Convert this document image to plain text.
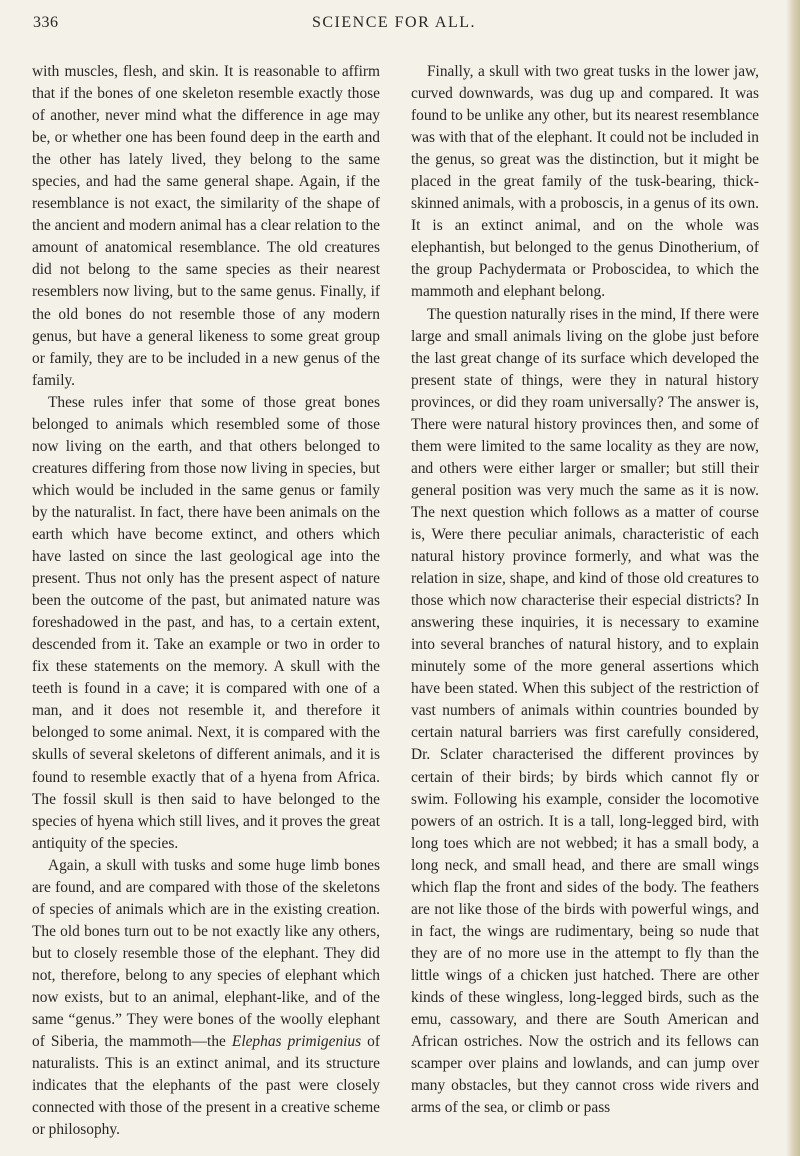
336	SCIENCE FOR ALL.

with muscles, flesh, and skin. It is reasonable to affirm that if the bones of one skeleton resemble exactly those of another, never mind what the difference in age may be, or whether one has been found deep in the earth and the other has lately lived, they belong to the same species, and had the same general shape. Again, if the resemblance is not exact, the similarity of the shape of the ancient and modern animal has a clear relation to the amount of anatomical resemblance. The old creatures did not belong to the same species as their nearest resemblers now living, but to the same genus. Finally, if the old bones do not resemble those of any modern genus, but have a general likeness to some great group or family, they are to be included in a new genus of the family.

These rules infer that some of those great bones belonged to animals which resembled some of those now living on the earth, and that others belonged to creatures differing from those now living in species, but which would be included in the same genus or family by the naturalist. In fact, there have been animals on the earth which have become extinct, and others which have lasted on since the last geological age into the present. Thus not only has the present aspect of nature been the outcome of the past, but animated nature was foreshadowed in the past, and has, to a certain extent, descended from it. Take an example or two in order to fix these statements on the memory. A skull with the teeth is found in a cave; it is compared with one of a man, and it does not resemble it, and therefore it belonged to some animal. Next, it is compared with the skulls of several skeletons of different animals, and it is found to resemble exactly that of a hyena from Africa. The fossil skull is then said to have belonged to the species of hyena which still lives, and it proves the great antiquity of the species.

Again, a skull with tusks and some huge limb bones are found, and are compared with those of the skeletons of species of animals which are in the existing creation. The old bones turn out to be not exactly like any others, but to closely resemble those of the elephant. They did not, therefore, belong to any species of elephant which now exists, but to an animal, elephant-like, and of the same “genus.” They were bones of the woolly elephant of Siberia, the mammoth—the Elephas primigenius of naturalists. This is an extinct animal, and its structure indicates that the elephants of the past were closely connected with those of the present in a creative scheme or philosophy.

Finally, a skull with two great tusks in the lower jaw, curved downwards, was dug up and compared. It was found to be unlike any other, but its nearest resemblance was with that of the elephant. It could not be included in the genus, so great was the distinction, but it might be placed in the great family of the tusk-bearing, thick-skinned animals, with a proboscis, in a genus of its own. It is an extinct animal, and on the whole was elephantish, but belonged to the genus Dinotherium, of the group Pachydermata or Proboscidea, to which the mammoth and elephant belong.

The question naturally rises in the mind, If there were large and small animals living on the globe just before the last great change of its surface which developed the present state of things, were they in natural history provinces, or did they roam universally? The answer is, There were natural history provinces then, and some of them were limited to the same locality as they are now, and others were either larger or smaller; but still their general position was very much the same as it is now. The next question which follows as a matter of course is, Were there peculiar animals, characteristic of each natural history province formerly, and what was the relation in size, shape, and kind of those old creatures to those which now characterise their especial districts? In answering these inquiries, it is necessary to examine into several branches of natural history, and to explain minutely some of the more general assertions which have been stated. When this subject of the restriction of vast numbers of animals within countries bounded by certain natural barriers was first carefully considered, Dr. Sclater characterised the different provinces by certain of their birds; by birds which cannot fly or swim. Following his example, consider the locomotive powers of an ostrich. It is a tall, long-legged bird, with long toes which are not webbed; it has a small body, a long neck, and small head, and there are small wings which flap the front and sides of the body. The feathers are not like those of the birds with powerful wings, and in fact, the wings are rudimentary, being so nude that they are of no more use in the attempt to fly than the little wings of a chicken just hatched. There are other kinds of these wingless, long-legged birds, such as the emu, cassowary, and there are South American and African ostriches. Now the ostrich and its fellows can scamper over plains and lowlands, and can jump over many obstacles, but they cannot cross wide rivers and arms of the sea, or climb or pass
